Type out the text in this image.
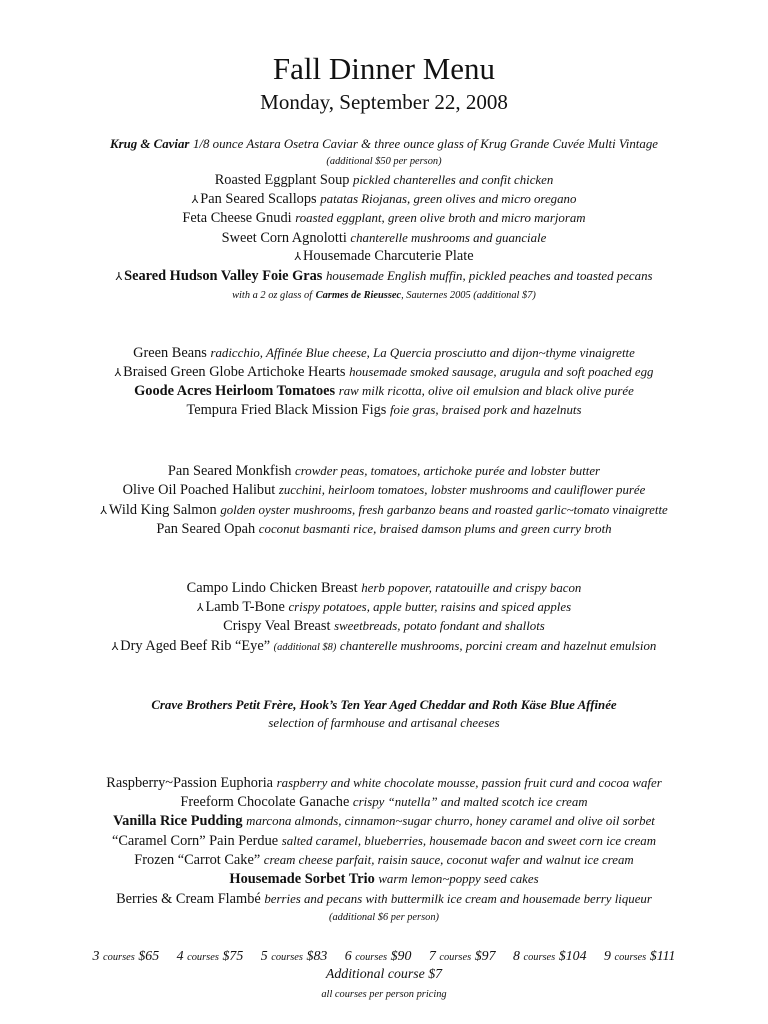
Fall Dinner Menu
Monday, September 22, 2008
Krug & Caviar 1/8 ounce Astara Osetra Caviar & three ounce glass of Krug Grande Cuvée Multi Vintage
(additional $50 per person)
Roasted Eggplant Soup pickled chanterelles and confit chicken
⅄ Pan Seared Scallops patatas Riojanas, green olives and micro oregano
Feta Cheese Gnudi roasted eggplant, green olive broth and micro marjoram
Sweet Corn Agnolotti chanterelle mushrooms and guanciale
⅄ Housemade Charcuterie Plate
⅄ Seared Hudson Valley Foie Gras housemade English muffin, pickled peaches and toasted pecans
with a 2 oz glass of Carmes de Rieussec, Sauternes 2005 (additional $7)
Green Beans radicchio, Affinée Blue cheese, La Quercia prosciutto and dijon~thyme vinaigrette
⅄ Braised Green Globe Artichoke Hearts housemade smoked sausage, arugula and soft poached egg
Goode Acres Heirloom Tomatoes raw milk ricotta, olive oil emulsion and black olive purée
Tempura Fried Black Mission Figs foie gras, braised pork and hazelnuts
Pan Seared Monkfish crowder peas, tomatoes, artichoke purée and lobster butter
Olive Oil Poached Halibut zucchini, heirloom tomatoes, lobster mushrooms and cauliflower purée
⅄ Wild King Salmon golden oyster mushrooms, fresh garbanzo beans and roasted garlic~tomato vinaigrette
Pan Seared Opah coconut basmanti rice, braised damson plums and green curry broth
Campo Lindo Chicken Breast herb popover, ratatouille and crispy bacon
⅄ Lamb T-Bone crispy potatoes, apple butter, raisins and spiced apples
Crispy Veal Breast sweetbreads, potato fondant and shallots
⅄ Dry Aged Beef Rib “Eye” (additional $8) chanterelle mushrooms, porcini cream and hazelnut emulsion
Crave Brothers Petit Frère, Hook’s Ten Year Aged Cheddar and Roth Käse Blue Affinée
selection of farmhouse and artisanal cheeses
Raspberry~Passion Euphoria raspberry and white chocolate mousse, passion fruit curd and cocoa wafer
Freeform Chocolate Ganache crispy “nutella” and malted scotch ice cream
Vanilla Rice Pudding marcona almonds, cinnamon~sugar churro, honey caramel and olive oil sorbet
“Caramel Corn” Pain Perdue salted caramel, blueberries, housemade bacon and sweet corn ice cream
Frozen “Carrot Cake” cream cheese parfait, raisin sauce, coconut wafer and walnut ice cream
Housemade Sorbet Trio warm lemon~poppy seed cakes
Berries & Cream Flambé berries and pecans with buttermilk ice cream and housemade berry liqueur
(additional $6 per person)
3 courses $65 4 courses $75 5 courses $83 6 courses $90 7 courses $97 8 courses $104 9 courses $111
Additional course $7
all courses per person pricing
